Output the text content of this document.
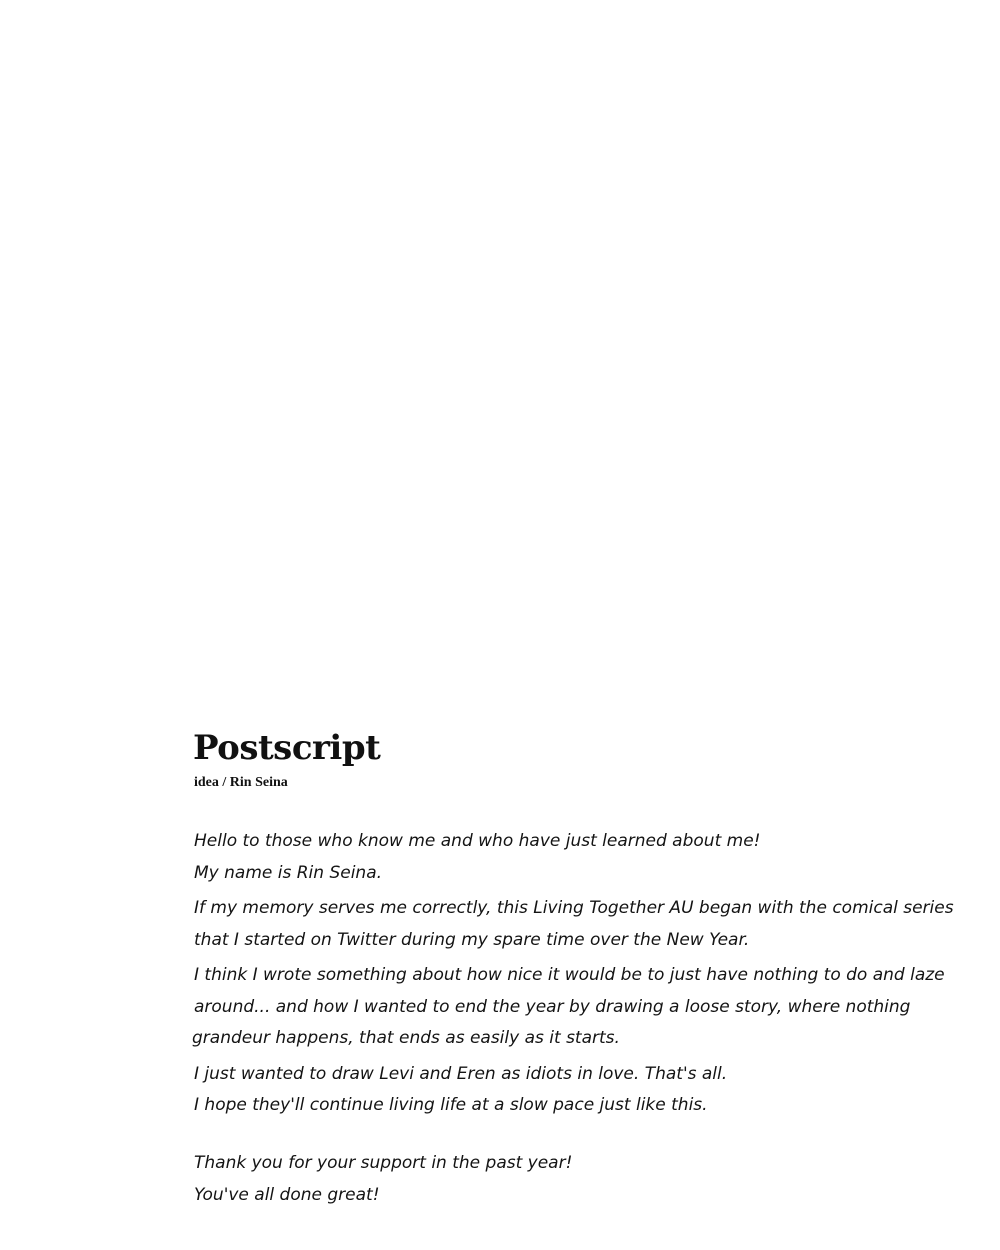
Postscript
idea / Rin Seina
Hello to those who know me and who have just learned about me!
My name is Rin Seina.
If my memory serves me correctly, this Living Together AU began with the comical series
that I started on Twitter during my spare time over the New Year.
I think I wrote something about how nice it would be to just have nothing to do and laze
around... and how I wanted to end the year by drawing a loose story, where nothing
grandeur happens, that ends as easily as it starts.
I just wanted to draw Levi and Eren as idiots in love. That's all.
I hope they'll continue living life at a slow pace just like this.
Thank you for your support in the past year!
You've all done great!
